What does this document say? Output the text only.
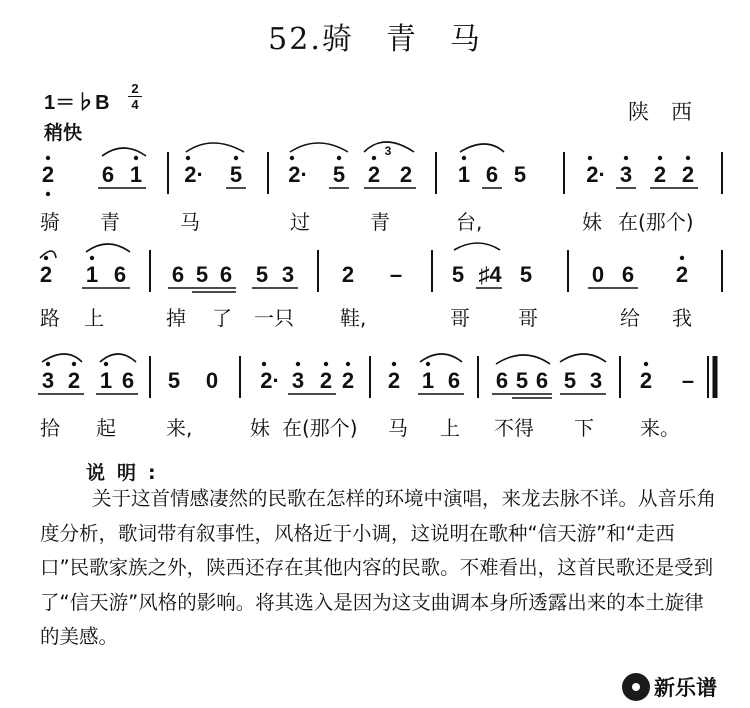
52.骑　青　马
1＝♭B
2
4	陕西
稍快
2 6 1 2· 5 2· 5 2 2 1 6 5	2· 3 2 2
3
骑 青	马	过	青	台,	妹 在(那个)
2 1 6 6 5 6 5 3 2 – 5 ♯4 5	0 6 2
路 上	掉 了 一只 鞋,	哥 哥	给 我
3 2 1 6 5 0 2· 3 2 2 2 1 6 6 5 6 5 3 2 –
拾 起	来,	妹 在(那个) 马 上 不得 下 来。
说明:
关于这首情感凄然的民歌在怎样的环境中演唱，来龙去脉不详。从音乐角度分析，歌词带有叙事性，风格近于小调，这说明在歌种“信天游”和“走西口”民歌家族之外，陕西还存在其他内容的民歌。不难看出，这首民歌还是受到了“信天游”风格的影响。将其选入是因为这支曲调本身所透露出来的本土旋律的美感。
新乐谱
